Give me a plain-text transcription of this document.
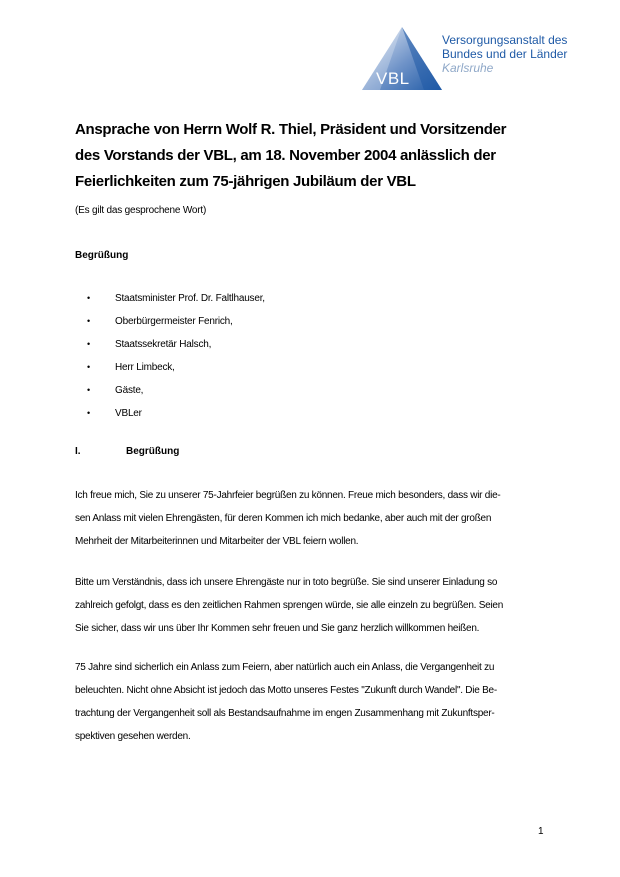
VBL
Versorgungsanstalt des
Bundes und der Länder
Karlsruhe
Ansprache von Herrn Wolf R. Thiel, Präsident und Vorsitzender
des Vorstands der VBL, am 18. November 2004 anlässlich der
Feierlichkeiten zum 75-jährigen Jubiläum der VBL
(Es gilt das gesprochene Wort)
Begrüßung
•	Staatsminister Prof. Dr. Faltlhauser,
•	Oberbürgermeister Fenrich,
•	Staatssekretär Halsch,
•	Herr Limbeck,
•	Gäste,
•	VBLer
I.	Begrüßung
Ich freue mich, Sie zu unserer 75-Jahrfeier begrüßen zu können. Freue mich besonders, dass wir die-
sen Anlass mit vielen Ehrengästen, für deren Kommen ich mich bedanke, aber auch mit der großen
Mehrheit der Mitarbeiterinnen und Mitarbeiter der VBL feiern wollen.
Bitte um Verständnis, dass ich unsere Ehrengäste nur in toto begrüße. Sie sind unserer Einladung so
zahlreich gefolgt, dass es den zeitlichen Rahmen sprengen würde, sie alle einzeln zu begrüßen. Seien
Sie sicher, dass wir uns über Ihr Kommen sehr freuen und Sie ganz herzlich willkommen heißen.
75 Jahre sind sicherlich ein Anlass zum Feiern, aber natürlich auch ein Anlass, die Vergangenheit zu
beleuchten. Nicht ohne Absicht ist jedoch das Motto unseres Festes "Zukunft durch Wandel". Die Be-
trachtung der Vergangenheit soll als Bestandsaufnahme im engen Zusammenhang mit Zukunftsper-
spektiven gesehen werden.
1
